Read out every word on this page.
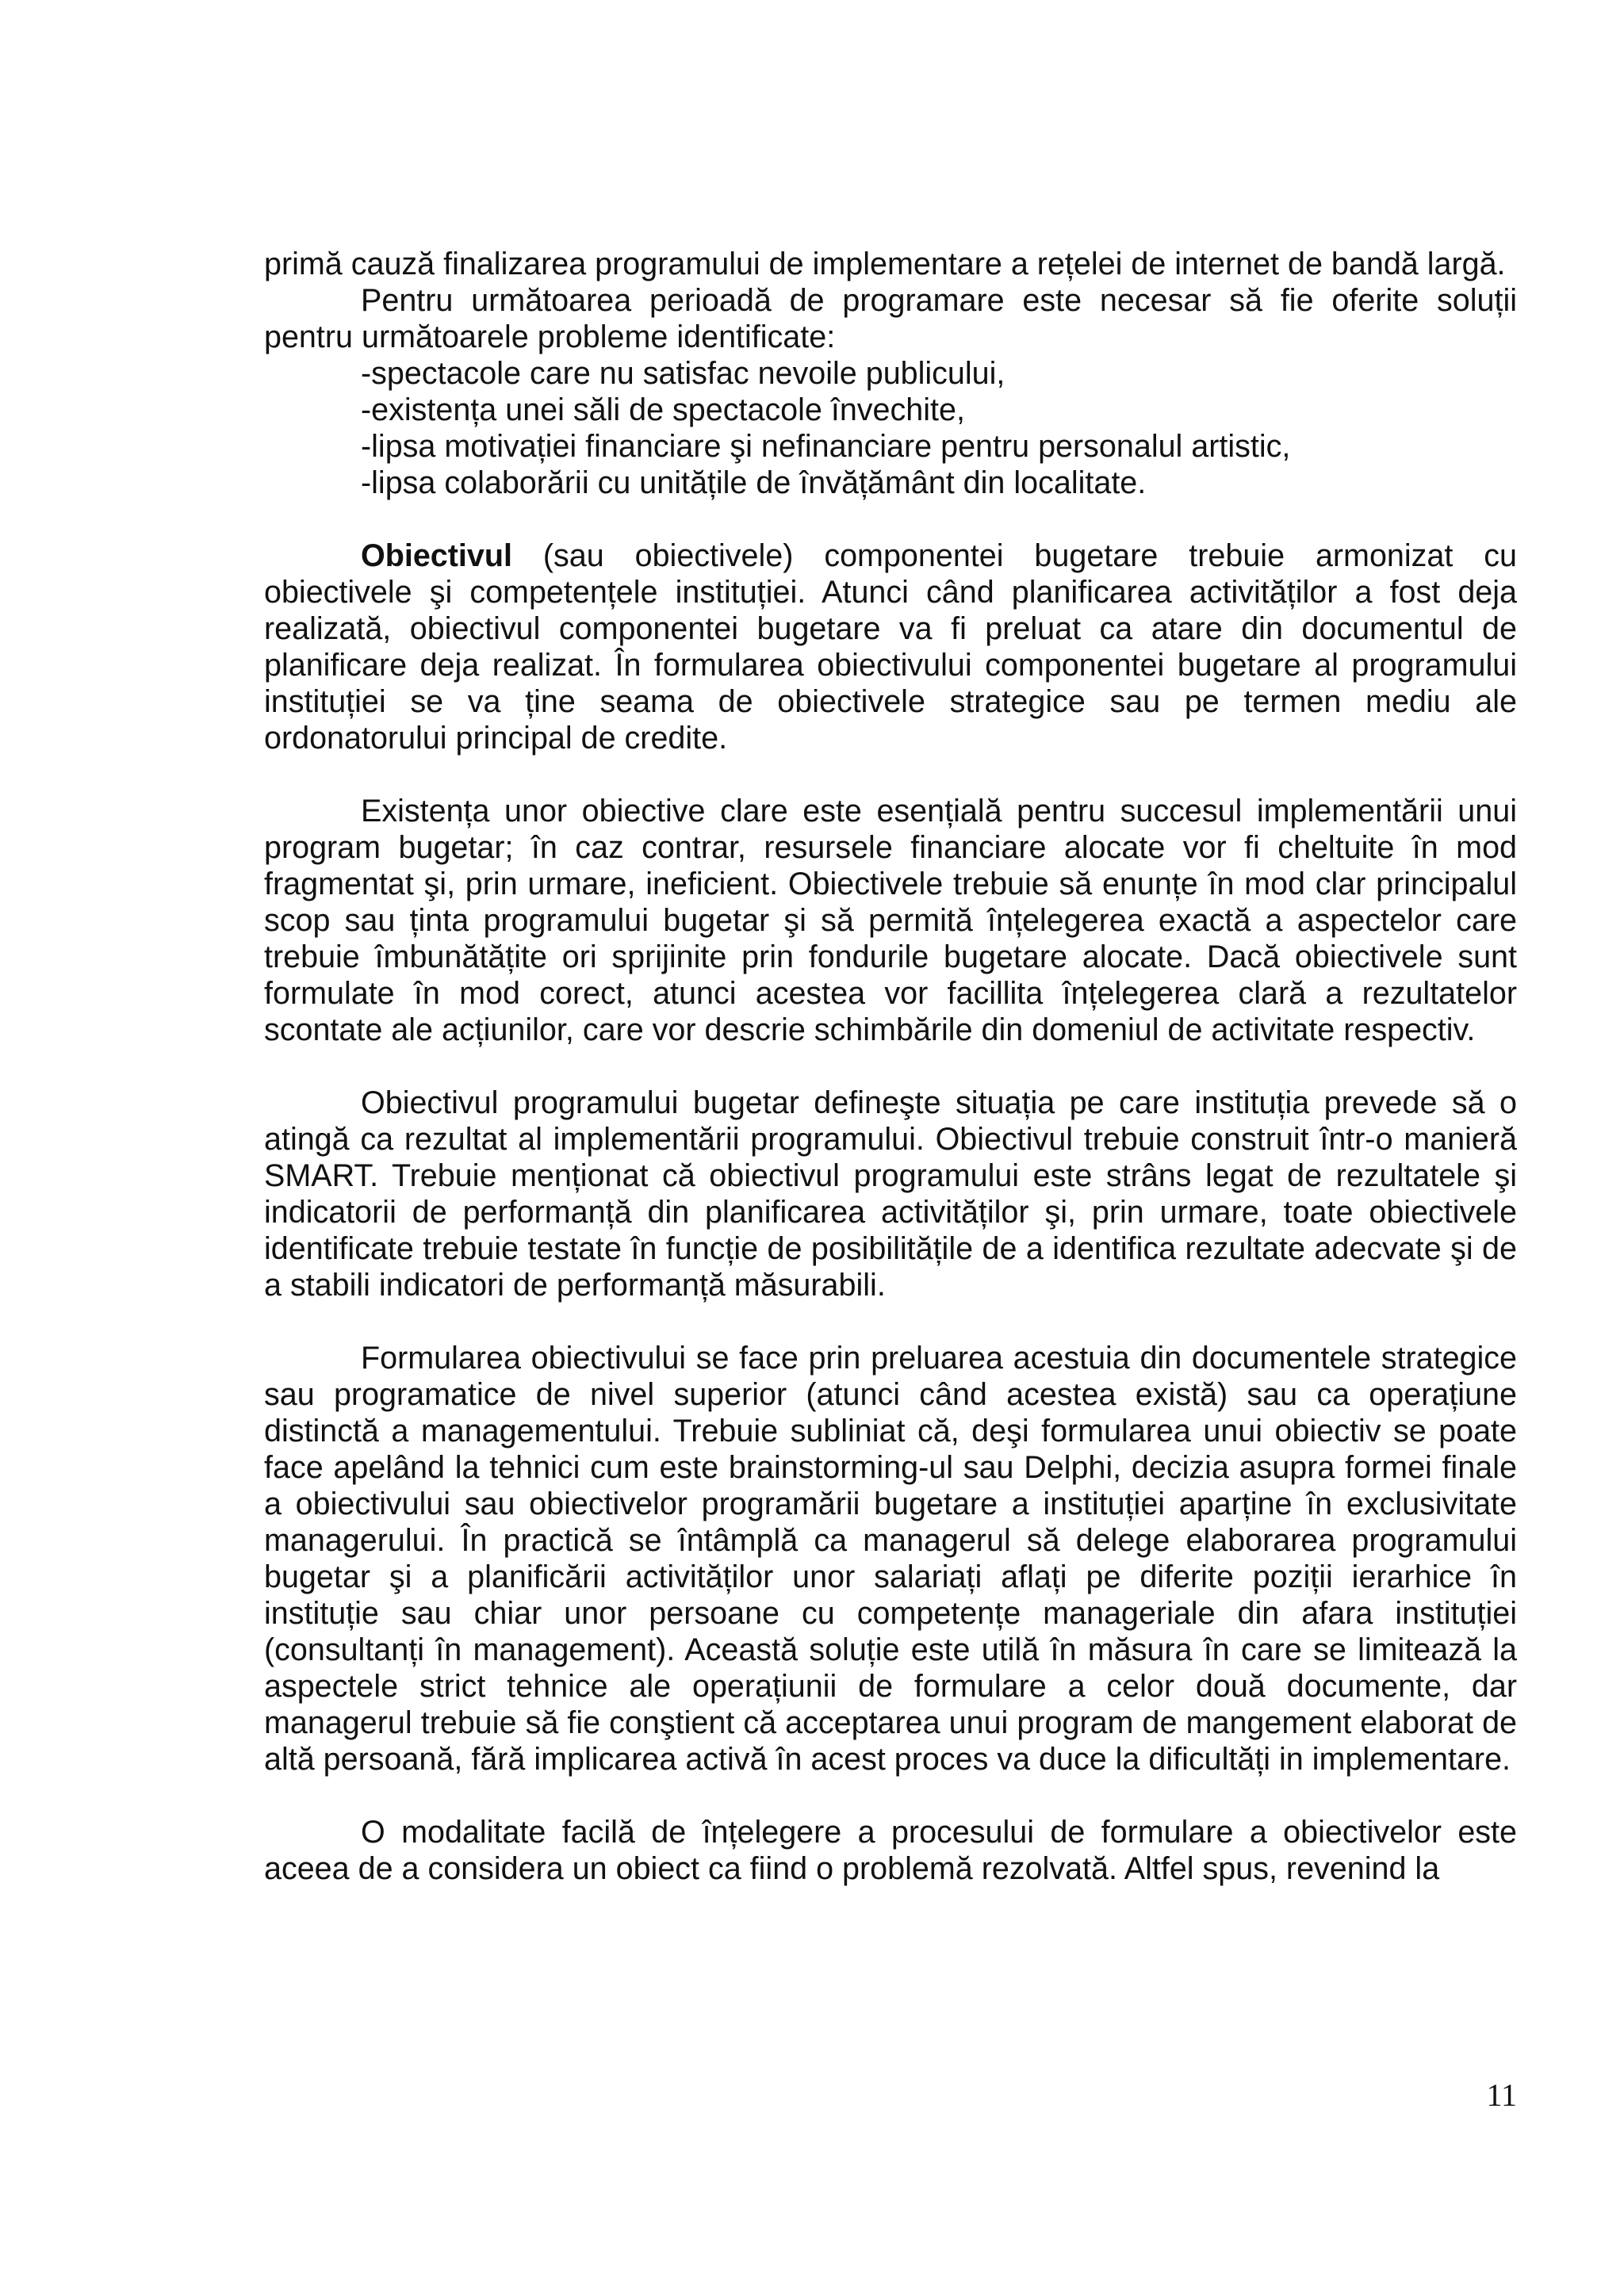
primă cauză finalizarea programului de implementare a rețelei de internet de bandă largă.

Pentru următoarea perioadă de programare este necesar să fie oferite soluții pentru următoarele probleme identificate:

-spectacole care nu satisfac nevoile publicului,
-existența unei săli de spectacole învechite,
-lipsa motivației financiare şi nefinanciare pentru personalul artistic,
-lipsa colaborării cu unitățile de învățământ din localitate.

Obiectivul (sau obiectivele) componentei bugetare trebuie armonizat cu obiectivele şi competențele instituției. Atunci când planificarea activităților a fost deja realizată, obiectivul componentei bugetare va fi preluat ca atare din documentul de planificare deja realizat. În formularea obiectivului componentei bugetare al programului instituției se va ține seama de obiectivele strategice sau pe termen mediu ale ordonatorului principal de credite.

Existența unor obiective clare este esențială pentru succesul implementării unui program bugetar; în caz contrar, resursele financiare alocate vor fi cheltuite în mod fragmentat şi, prin urmare, ineficient. Obiectivele trebuie să enunțe în mod clar principalul scop sau ținta programului bugetar şi să permită înțelegerea exactă a aspectelor care trebuie îmbunătățite ori sprijinite prin fondurile bugetare alocate. Dacă obiectivele sunt formulate în mod corect, atunci acestea vor facillita înțelegerea clară a rezultatelor scontate ale acțiunilor, care vor descrie schimbările din domeniul de activitate respectiv.

Obiectivul programului bugetar defineşte situația pe care instituția prevede să o atingă ca rezultat al implementării programului. Obiectivul trebuie construit într-o manieră SMART. Trebuie menționat că obiectivul programului este strâns legat de rezultatele şi indicatorii de performanță din planificarea activităților şi, prin urmare, toate obiectivele identificate trebuie testate în funcție de posibilitățile de a identifica rezultate adecvate şi de a stabili indicatori de performanță măsurabili.

Formularea obiectivului se face prin preluarea acestuia din documentele strategice sau programatice de nivel superior (atunci când acestea există) sau ca operațiune distinctă a managementului. Trebuie subliniat că, deşi formularea unui obiectiv se poate face apelând la tehnici cum este brainstorming-ul sau Delphi, decizia asupra formei finale a obiectivului sau obiectivelor programării bugetare a instituției aparține în exclusivitate managerului. În practică se întâmplă ca managerul să delege elaborarea programului bugetar şi a planificării activităților unor salariați aflați pe diferite poziții ierarhice în instituție sau chiar unor persoane cu competențe manageriale din afara instituției (consultanți în management). Această soluție este utilă în măsura în care se limitează la aspectele strict tehnice ale operațiunii de formulare a celor două documente, dar managerul trebuie să fie conştient că acceptarea unui program de mangement elaborat de altă persoană, fără implicarea activă în acest proces va duce la dificultăți in implementare.

O modalitate facilă de înțelegere a procesului de formulare a obiectivelor este aceea de a considera un obiect ca fiind o problemă rezolvată. Altfel spus, revenind la

11
